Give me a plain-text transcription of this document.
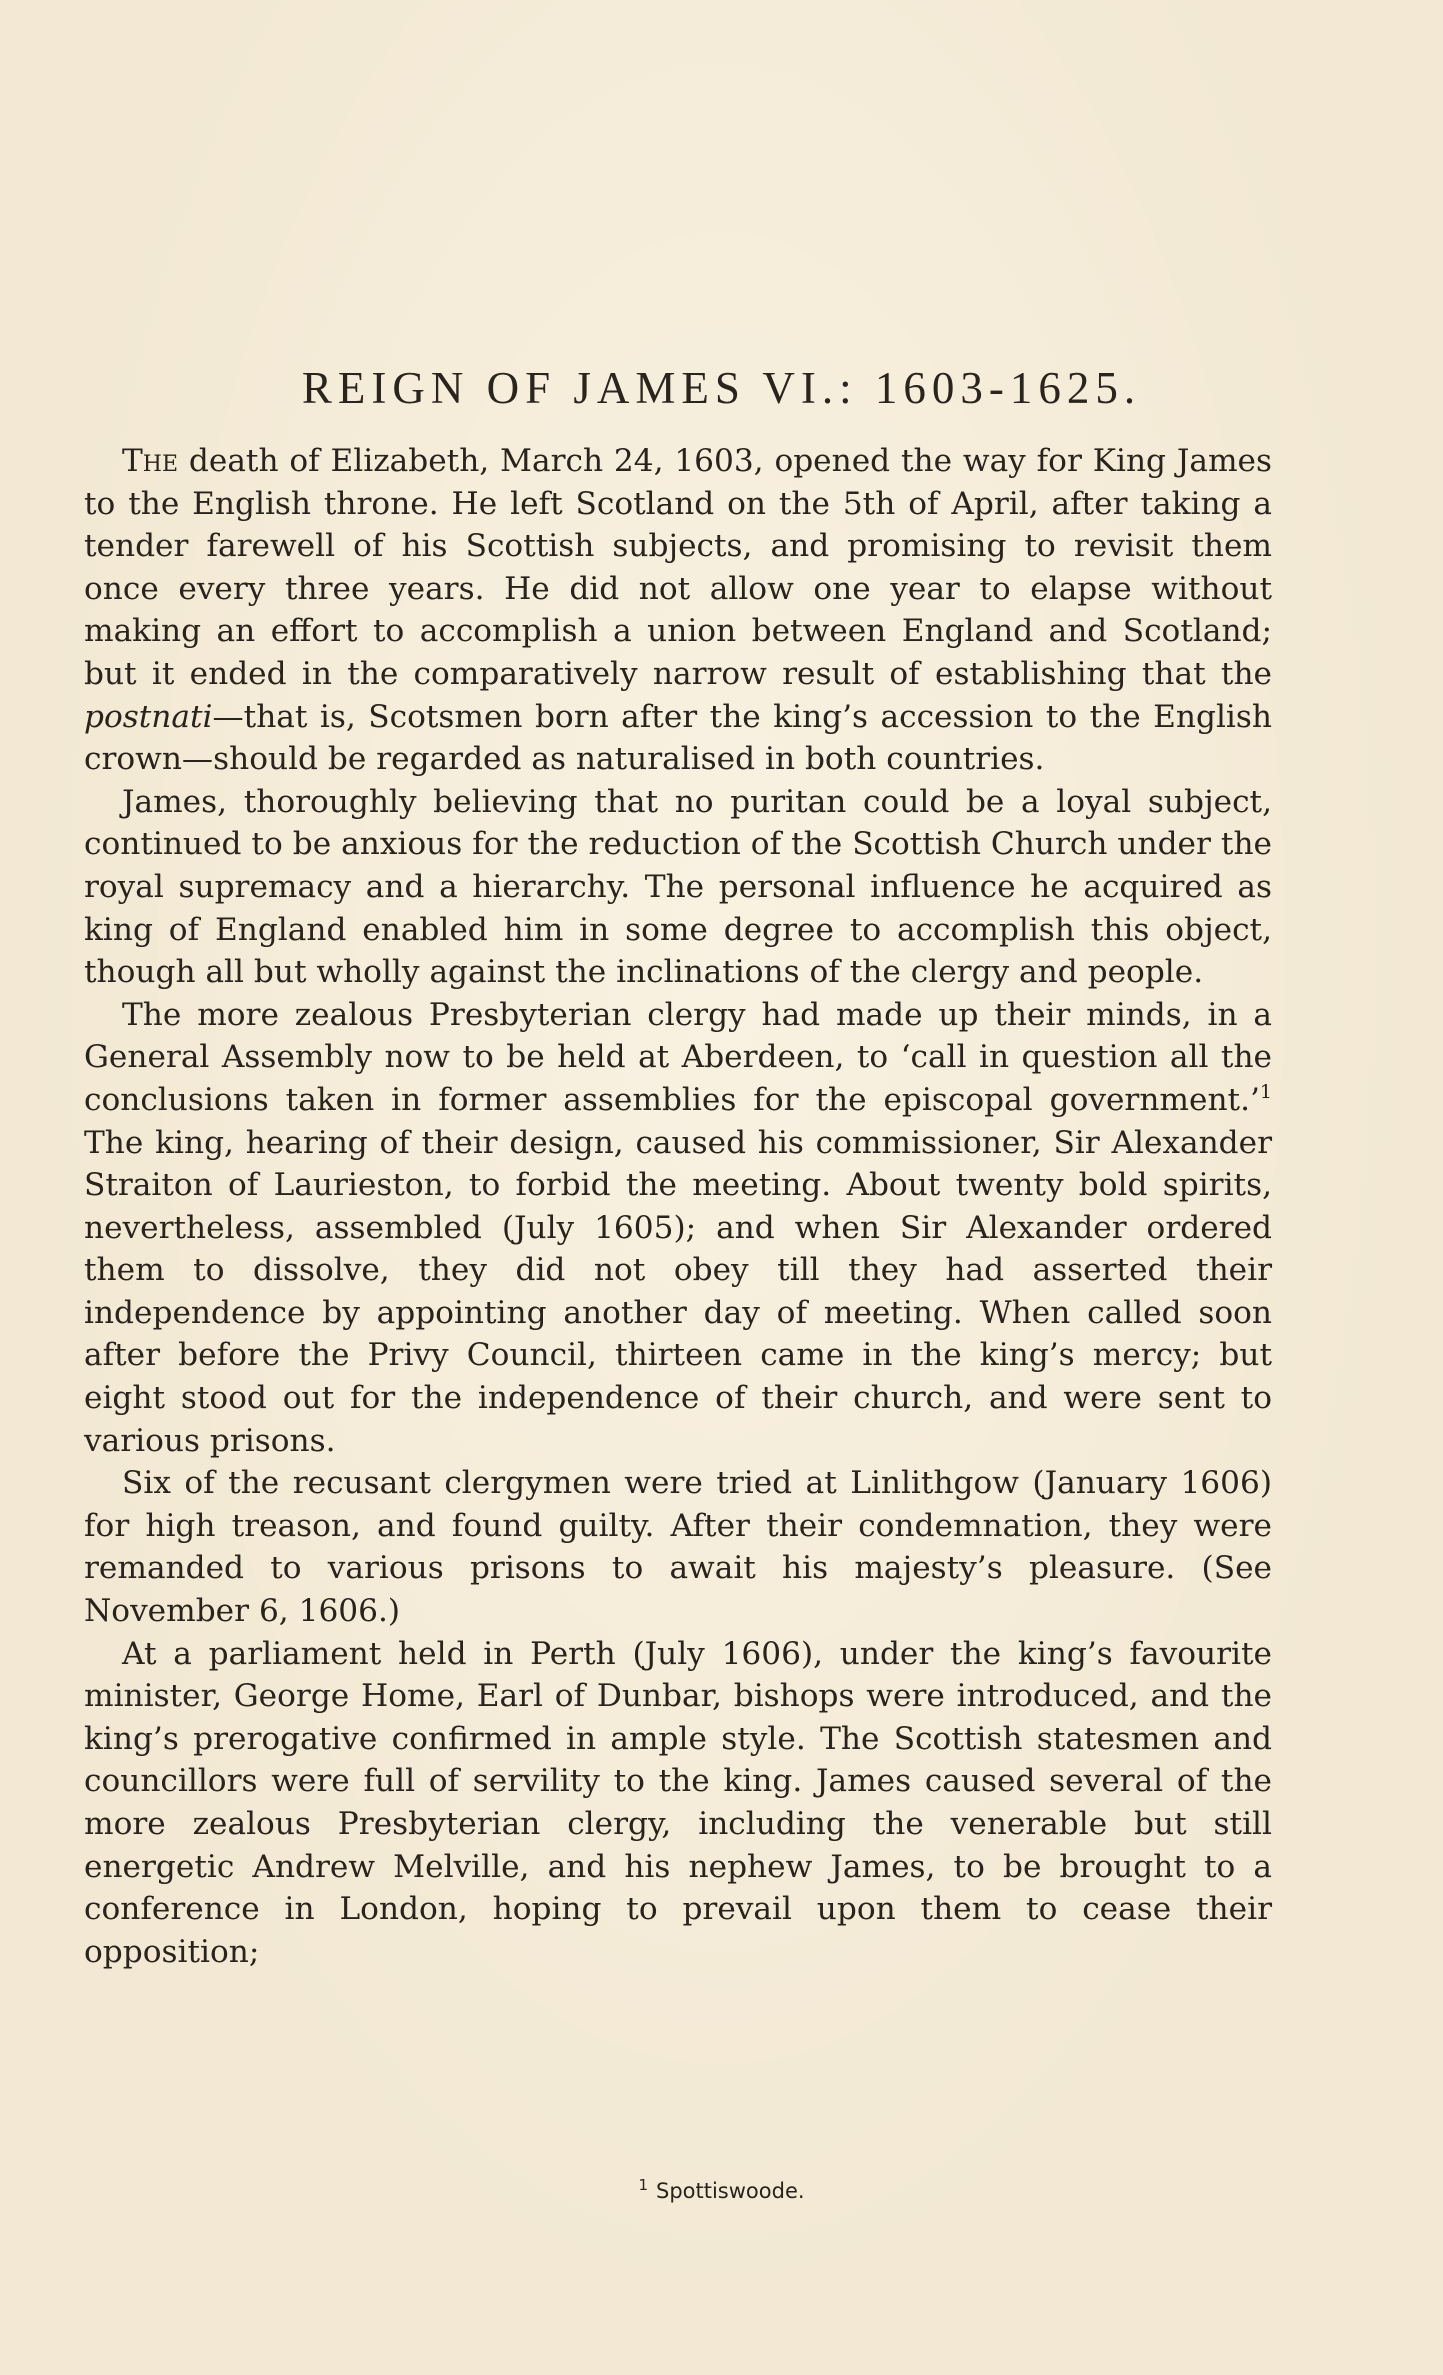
REIGN OF JAMES VI.: 1603-1625.

The death of Elizabeth, March 24, 1603, opened the way for King James to the English throne. He left Scotland on the 5th of April, after taking a tender farewell of his Scottish subjects, and promising to revisit them once every three years. He did not allow one year to elapse without making an effort to accomplish a union between England and Scotland; but it ended in the comparatively narrow result of establishing that the postnati—that is, Scotsmen born after the king’s accession to the English crown—should be regarded as naturalised in both countries.

James, thoroughly believing that no puritan could be a loyal subject, continued to be anxious for the reduction of the Scottish Church under the royal supremacy and a hierarchy. The personal influence he acquired as king of England enabled him in some degree to accomplish this object, though all but wholly against the inclinations of the clergy and people.

The more zealous Presbyterian clergy had made up their minds, in a General Assembly now to be held at Aberdeen, to ‘call in question all the conclusions taken in former assemblies for the episcopal government.’$^1$ The king, hearing of their design, caused his commissioner, Sir Alexander Straiton of Laurieston, to forbid the meeting. About twenty bold spirits, nevertheless, assembled (July 1605); and when Sir Alexander ordered them to dissolve, they did not obey till they had asserted their independence by appointing another day of meeting. When called soon after before the Privy Council, thirteen came in the king’s mercy; but eight stood out for the independence of their church, and were sent to various prisons.

Six of the recusant clergymen were tried at Linlithgow (January 1606) for high treason, and found guilty. After their condemnation, they were remanded to various prisons to await his majesty’s pleasure. (See November 6, 1606.)

At a parliament held in Perth (July 1606), under the king’s favourite minister, George Home, Earl of Dunbar, bishops were introduced, and the king’s prerogative confirmed in ample style. The Scottish statesmen and councillors were full of servility to the king. James caused several of the more zealous Presbyterian clergy, including the venerable but still energetic Andrew Melville, and his nephew James, to be brought to a conference in London, hoping to prevail upon them to cease their opposition;

$^1$ Spottiswoode.
